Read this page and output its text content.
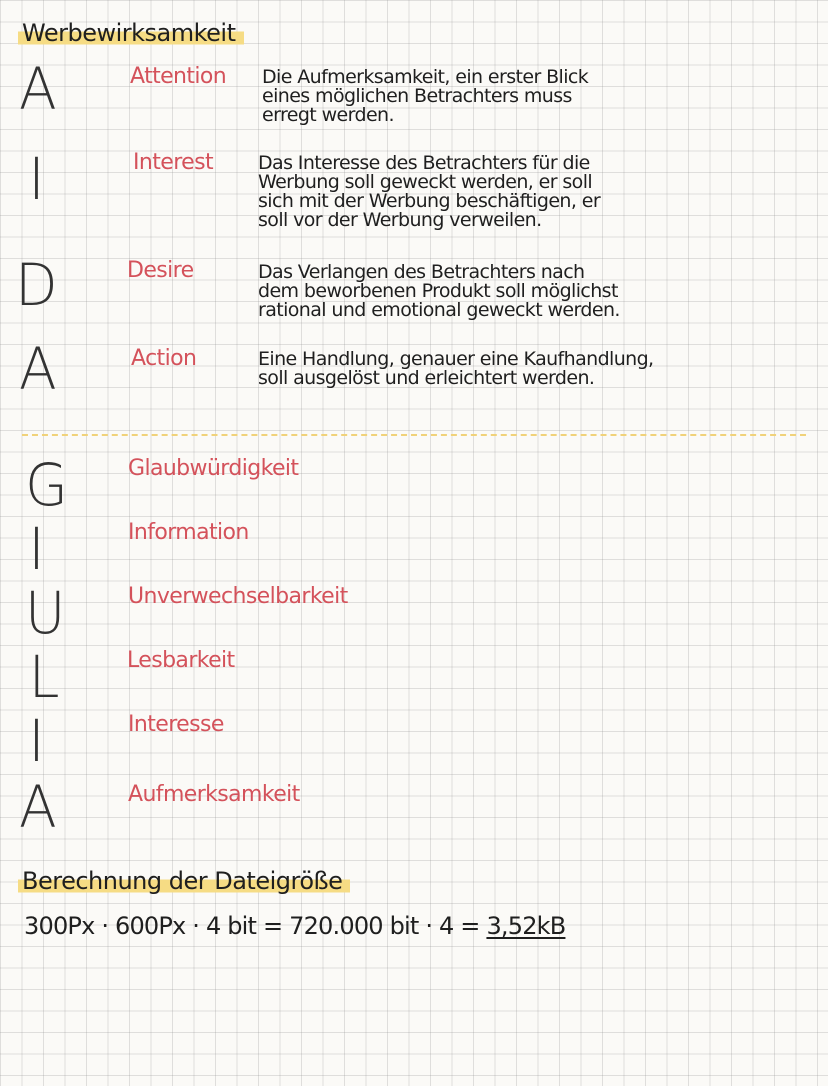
Werbewirksamkeit
A	Attention Die Aufmerksamkeit, ein erster Blick
eines möglichen Betrachters muss
erregt werden.
I	Interest Das Interesse des Betrachters für die
Werbung soll geweckt werden, er soll
sich mit der Werbung beschäftigen, er
soll vor der Werbung verweilen.
D	Desire	Das Verlangen des Betrachters nach
dem beworbenen Produkt soll möglichst
rational und emotional geweckt werden.
A	Action	Eine Handlung, genauer eine Kaufhandlung,
soll ausgelöst und erleichtert werden.
G	Glaubwürdigkeit
I	Information
U	Unverwechselbarkeit
L	Lesbarkeit
I	Interesse
A	Aufmerksamkeit
Berechnung der Dateigröße
300Px · 600Px · 4 bit = 720.000 bit · 4 = 3,52kB
